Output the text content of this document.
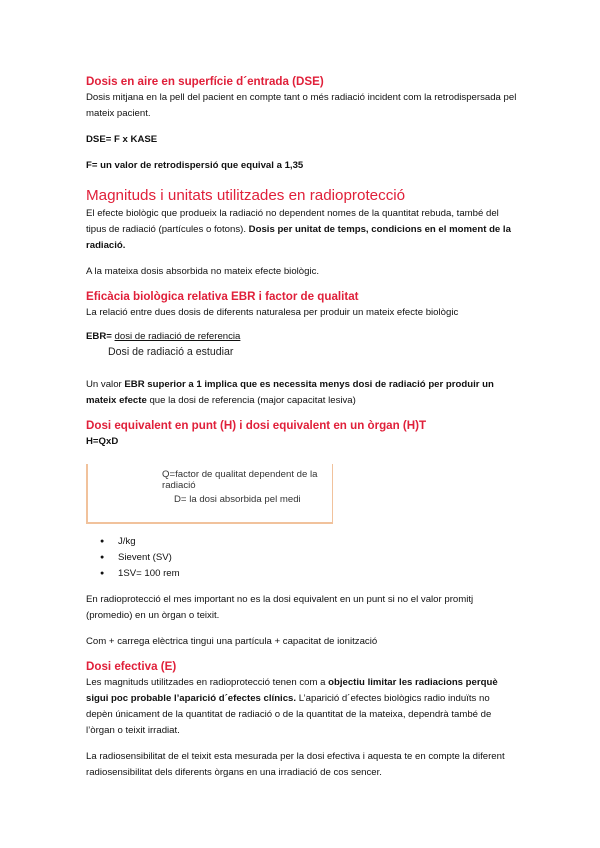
Dosis en aire en superfície d´entrada (DSE)

Dosis mitjana en la pell del pacient en compte tant o més radiació incident com la retrodispersada pel mateix pacient.

DSE= F x KASE

F= un valor de retrodispersió que equival a 1,35

Magnituds i unitats utilitzades en radioprotecció

El efecte biològic que produeix la radiació no dependent nomes de la quantitat rebuda, també del tipus de radiació (partícules o fotons). Dosis per unitat de temps, condicions en el moment de la radiació.

A la mateixa dosis absorbida no mateix efecte biològic.

Eficàcia biològica relativa EBR i factor de qualitat

La relació entre dues dosis de diferents naturalesa per produir un mateix efecte biològic

EBR= dosi de radiació de referencia

Dosi de radiació a estudiar

Un valor EBR superior a 1 implica que es necessita menys dosi de radiació per produir un mateix efecte que la dosi de referencia (major capacitat lesiva)

Dosi equivalent en punt (H) i dosi equivalent en un òrgan (H)T

H=QxD

Q=factor de qualitat dependent de la radiació
D= la dosi absorbida pel medi
● J/kg
● Sievent (SV)
● 1SV= 100 rem

En radioprotecció el mes important no es la dosi equivalent en un punt si no el valor promitj (promedio) en un òrgan o teixit.

Com + carrega elèctrica tingui una partícula + capacitat de ionització

Dosi efectiva (E)

Les magnituds utilitzades en radioprotecció tenen com a objectiu limitar les radiacions perquè sigui poc probable l’aparició d´efectes clínics. L’aparició d´efectes biològics radio induïts no depèn únicament de la quantitat de radiació o de la quantitat de la mateixa, dependrà també de l’òrgan o teixit irradiat.

La radiosensibilitat de el teixit esta mesurada per la dosi efectiva i aquesta te en compte la diferent radiosensibilitat dels diferents òrgans en una irradiació de cos sencer.
